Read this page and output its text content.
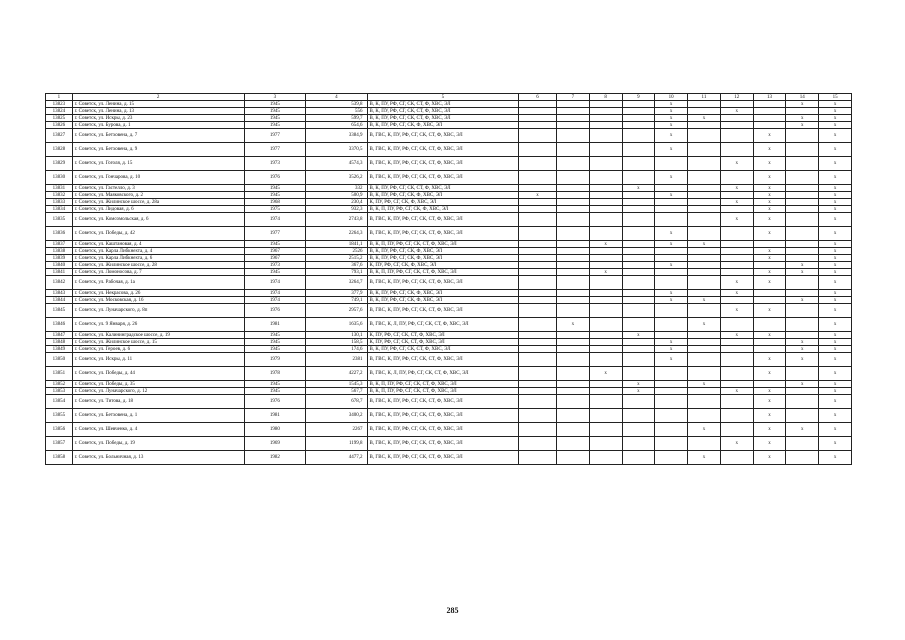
1	2	3	4	5	6	7	8	9	10	11	12	13	14	15
13823	г. Советск, ул. Ленина, д. 15	1945	539,8	В, К, ПУ, РФ, СГ, СК, СТ, Ф, ХВС, ЭЛ					x				x	x
13824	г. Советск, ул. Ленина, д. 13	1945	556	В, К, ПУ, РФ, СГ, СК, СТ, Ф, ХВС, ЭЛ					x		x			x
13825	г. Советск, ул. Искры, д. 23	1945	599,7	В, К, ПУ, РФ, СГ, СК, СТ, Ф, ХВС, ЭЛ					x	x			x	x
13826	г. Советск, ул. Бурова, д. 1	1945	654,6	В, К, ПУ, РФ, СГ, СК, Ф, ХВС, ЭЛ					x				x	x
13827	г. Советск, ул. Бетховена, д. 7	1977	3384,9	В, ГВС, К, ПУ, РФ, СГ, СК, СТ, Ф, ХВС, ЭЛ					x			x		x
13828	г. Советск, ул. Бетховена, д. 9	1977	3370,5	В, ГВС, К, ПУ, РФ, СГ, СК, СТ, Ф, ХВС, ЭЛ					x			x		x
13829	г. Советск, ул. Гоголя, д. 15	1973	4574,3	В, ГВС, К, ПУ, РФ, СГ, СК, СТ, Ф, ХВС, ЭЛ							x	x		x
13830	г. Советск, ул. Гончарова, д. 10	1976	3526,2	В, ГВС, К, ПУ, РФ, СГ, СК, СТ, Ф, ХВС, ЭЛ					x			x		x
13831	г. Советск, ул. Гастелло, д. 3	1945	332	В, К, ПУ, РФ, СГ, СК, СТ, Ф, ХВС, ЭЛ				x			x	x		x
13832	г. Советск, ул. Маяковского, д. 2	1945	500,9	В, К, ПУ, РФ, СГ, СК, Ф, ХВС, ЭЛ	x				x			x		x
13833	г. Советск, ул. Жилинское шоссе, д. 28а	1968	230,4	К, ПУ, РФ, СГ, СК, Ф, ХВС, ЭЛ							x	x		x
13834	г. Советск, ул. Лидовая, д. 6	1975	932,3	В, К, П, ПУ, РФ, СГ, СК, Ф, ХВС, ЭЛ								x		x
13835	г. Советск, ул. Комсомольская, д. 6	1974	2743,8	В, ГВС, К, ПУ, РФ, СГ, СК, СТ, Ф, ХВС, ЭЛ							x	x		x
13836	г. Советск, ул. Победы, д. 42	1977	2264,3	В, ГВС, К, ПУ, РФ, СГ, СК, СТ, Ф, ХВС, ЭЛ					x			x		x
13837	г. Советск, ул. Каштановая, д. 4	1945	1841,1	В, К, П, ПУ, РФ, СГ, СК, СТ, Ф, ХВС, ЭЛ			x		x	x				x
13838	г. Советск, ул. Карла Либкнехта, д. 4	1967	2526	В, К, ПУ, РФ, СГ, СК, Ф, ХВС, ЭЛ								x		x
13839	г. Советск, ул. Карла Либкнехта, д. 6	1967	2515,2	В, К, ПУ, РФ, СГ, СК, Ф, ХВС, ЭЛ								x		x
13840	г. Советск, ул. Жилинское шоссе, д. 28	1973	367,6	К, ПУ, РФ, СГ, СК, Ф, ХВС, ЭЛ					x				x	x
13841	г. Советск, ул. Ломоносова, д. 7	1945	793,1	В, К, П, ПУ, РФ, СГ, СК, СТ, Ф, ХВС, ЭЛ			x					x	x	x
13842	г. Советск, ул. Рабочая, д. 1а	1974	3264,7	В, ГВС, К, ПУ, РФ, СГ, СК, СТ, Ф, ХВС, ЭЛ							x	x		x
13843	г. Советск, ул. Некрасова, д. 26	1974	377,9	В, К, ПУ, РФ, СГ, СК, Ф, ХВС, ЭЛ					x		x			x
13844	г. Советск, ул. Московская, д. 16	1974	749,1	В, К, ПУ, РФ, СГ, СК, Ф, ХВС, ЭЛ					x	x			x	x
13845	г. Советск, ул. Луначарского, д. 8п	1976	2957,6	В, ГВС, К, ПУ, РФ, СГ, СК, СТ, Ф, ХВС, ЭЛ							x	x		x
13846	г. Советск, ул. 9 Января, д. 26	1981	1635,6	В, ГВС, К, Л, ПУ, РФ, СГ, СК, СТ, Ф, ХВС, ЭЛ		x				x				x
13847	г. Советск, ул. Калининградское шоссе, д. 19	1945	130,1	К, ПУ, РФ, СГ, СК, СТ, Ф, ХВС, ЭЛ				x			x	x		x
13848	г. Советск, ул. Жилинское шоссе, д. 15	1945	158,5	К, ПУ, РФ, СГ, СК, СТ, Ф, ХВС, ЭЛ					x				x	x
13849	г. Советск, ул. Героев, д. 6	1945	174,6	В, К, ПУ, РФ, СГ, СК, СТ, Ф, ХВС, ЭЛ					x				x	x
13850	г. Советск, ул. Искры, д. 11	1979	2381	В, ГВС, К, ПУ, РФ, СГ, СК, СТ, Ф, ХВС, ЭЛ					x			x	x	x
13851	г. Советск, ул. Победы, д. 44	1978	4227,2	В, ГВС, К, Л, ПУ, РФ, СГ, СК, СТ, Ф, ХВС, ЭЛ			x					x		x
13852	г. Советск, ул. Победы, д. 35	1945	1545,3	В, К, П, ПУ, РФ, СГ, СК, СТ, Ф, ХВС, ЭЛ				x		x			x	x
13853	г. Советск, ул. Луначарского, д. 12	1945	567,7	В, К, П, ПУ, РФ, СГ, СК, СТ, Ф, ХВС, ЭЛ				x			x	x		x
13854	г. Советск, ул. Титова, д. 18	1976	678,7	В, ГВС, К, ПУ, РФ, СГ, СК, СТ, Ф, ХВС, ЭЛ								x		x
13855	г. Советск, ул. Бетховена, д. 1	1981	3400,2	В, ГВС, К, ПУ, РФ, СГ, СК, СТ, Ф, ХВС, ЭЛ								x		x
13856	г. Советск, ул. Шевченко, д. 4	1980	2267	В, ГВС, К, ПУ, РФ, СГ, СК, СТ, Ф, ХВС, ЭЛ						x		x	x	x
13857	г. Советск, ул. Победы, д. 19	1969	1199,8	В, ГВС, К, ПУ, РФ, СГ, СК, СТ, Ф, ХВС, ЭЛ							x	x		x
13858	г. Советск, ул. Больничная, д. 13	1982	4477,2	В, ГВС, К, ПУ, РФ, СГ, СК, СТ, Ф, ХВС, ЭЛ						x		x		x
285
